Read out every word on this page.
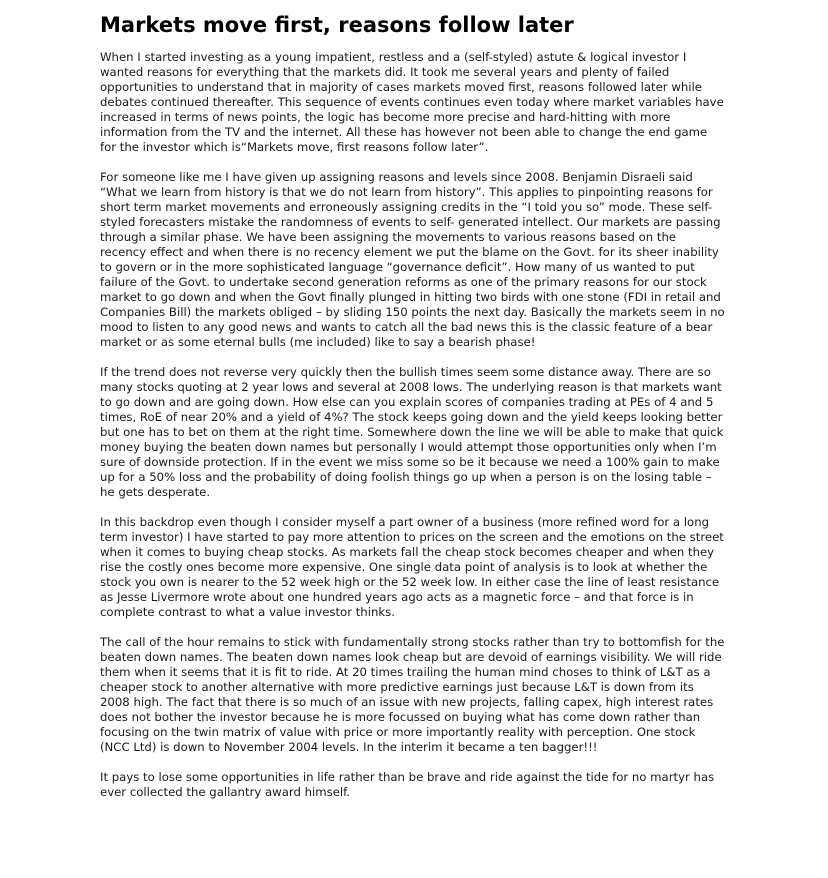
Markets move first, reasons follow later

When I started investing as a young impatient, restless and a (self-styled) astute & logical investor I wanted reasons for everything that the markets did. It took me several years and plenty of failed opportunities to understand that in majority of cases markets moved first, reasons followed later while debates continued thereafter. This sequence of events continues even today where market variables have increased in terms of news points, the logic has become more precise and hard-hitting with more information from the TV and the internet. All these has however not been able to change the end game for the investor which is“Markets move, first reasons follow later”.

For someone like me I have given up assigning reasons and levels since 2008. Benjamin Disraeli said “What we learn from history is that we do not learn from history”. This applies to pinpointing reasons for short term market movements and erroneously assigning credits in the “I told you so” mode. These self-styled forecasters mistake the randomness of events to self- generated intellect. Our markets are passing through a similar phase. We have been assigning the movements to various reasons based on the recency effect and when there is no recency element we put the blame on the Govt. for its sheer inability to govern or in the more sophisticated language “governance deficit”. How many of us wanted to put failure of the Govt. to undertake second generation reforms as one of the primary reasons for our stock market to go down and when the Govt finally plunged in hitting two birds with one stone (FDI in retail and Companies Bill) the markets obliged – by sliding 150 points the next day. Basically the markets seem in no mood to listen to any good news and wants to catch all the bad news this is the classic feature of a bear market or as some eternal bulls (me included) like to say a bearish phase!

If the trend does not reverse very quickly then the bullish times seem some distance away. There are so many stocks quoting at 2 year lows and several at 2008 lows. The underlying reason is that markets want to go down and are going down. How else can you explain scores of companies trading at PEs of 4 and 5 times, RoE of near 20% and a yield of 4%? The stock keeps going down and the yield keeps looking better but one has to bet on them at the right time. Somewhere down the line we will be able to make that quick money buying the beaten down names but personally I would attempt those opportunities only when I’m sure of downside protection. If in the event we miss some so be it because we need a 100% gain to make up for a 50% loss and the probability of doing foolish things go up when a person is on the losing table – he gets desperate.

In this backdrop even though I consider myself a part owner of a business (more refined word for a long term investor) I have started to pay more attention to prices on the screen and the emotions on the street when it comes to buying cheap stocks. As markets fall the cheap stock becomes cheaper and when they rise the costly ones become more expensive. One single data point of analysis is to look at whether the stock you own is nearer to the 52 week high or the 52 week low. In either case the line of least resistance as Jesse Livermore wrote about one hundred years ago acts as a magnetic force – and that force is in complete contrast to what a value investor thinks.

The call of the hour remains to stick with fundamentally strong stocks rather than try to bottomfish for the beaten down names. The beaten down names look cheap but are devoid of earnings visibility. We will ride them when it seems that it is fit to ride. At 20 times trailing the human mind choses to think of L&T as a cheaper stock to another alternative with more predictive earnings just because L&T is down from its 2008 high. The fact that there is so much of an issue with new projects, falling capex, high interest rates does not bother the investor because he is more focussed on buying what has come down rather than focusing on the twin matrix of value with price or more importantly reality with perception. One stock (NCC Ltd) is down to November 2004 levels. In the interim it became a ten bagger!!!

It pays to lose some opportunities in life rather than be brave and ride against the tide for no martyr has ever collected the gallantry award himself.
